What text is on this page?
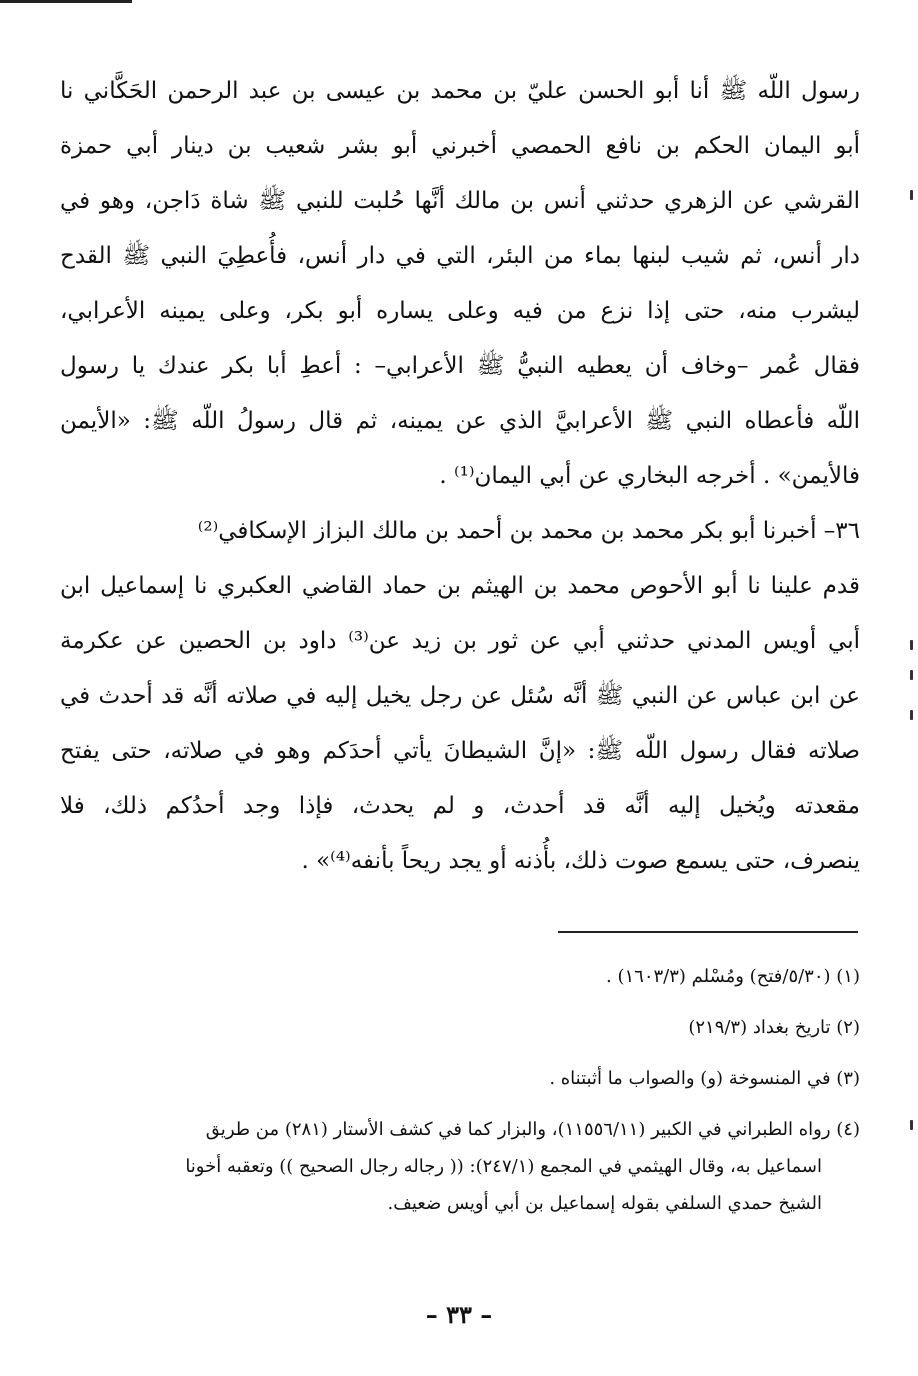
رسول اللّه ﷺ أنا أبو الحسن عليّ بن محمد بن عيسى بن عبد الرحمن الحَكَّاني نا
أبو اليمان الحكم بن نافع الحمصي أخبرني أبو بشر شعيب بن دينار أبي حمزة
القرشي عن الزهري حدثني أنس بن مالك أنَّها حُلبت للنبي ﷺ شاة دَاجن، وهو في
دار أنس، ثم شيب لبنها بماء من البئر، التي في دار أنس، فأُعطِيَ النبي ﷺ القدح
ليشرب منه، حتى إذا نزع من فيه وعلى يساره أبو بكر، وعلى يمينه الأعرابي،
فقال عُمر –وخاف أن يعطيه النبيُّ ﷺ الأعرابي– : أعطِ أبا بكر عندك يا رسول
اللّه فأعطاه النبي ﷺ الأعرابيَّ الذي عن يمينه، ثم قال رسولُ اللّه ﷺ: «الأيمن
فالأيمن» . أخرجه البخاري عن أبي اليمان⁽¹⁾ .
٣٦– أخبرنا أبو بكر محمد بن محمد بن أحمد بن مالك البزاز الإسكافي⁽²⁾
قدم علينا نا أبو الأحوص محمد بن الهيثم بن حماد القاضي العكبري نا إسماعيل ابن
أبي أويس المدني حدثني أبي عن ثور بن زيد عن⁽³⁾ داود بن الحصين عن عكرمة
عن ابن عباس عن النبي ﷺ أنَّه سُئل عن رجل يخيل إليه في صلاته أنَّه قد أحدث في
صلاته فقال رسول اللّه ﷺ: «إنَّ الشيطانَ يأتي أحدَكم وهو في صلاته، حتى يفتح
مقعدته ويُخيل إليه أنَّه قد أحدث، و لم يحدث، فإذا وجد أحدُكم ذلك، فلا
ينصرف، حتى يسمع صوت ذلك، بأُذنه أو يجد ريحاً بأنفه⁽⁴⁾» .
(١) (٥/٣٠/فتح) ومُسْلم (١٦٠٣/٣) .
(٢) تاريخ بغداد (٢١٩/٣)
(٣) في المنسوخة (و) والصواب ما أثبتناه .
(٤) رواه الطبراني في الكبير (١١٥٥٦/١١)، والبزار كما في كشف الأستار (٢٨١) من طريق
اسماعيل به، وقال الهيثمي في المجمع (٢٤٧/١): (( رجاله رجال الصحيح )) وتعقبه أخونا
الشيخ حمدي السلفي بقوله إسماعيل بن أبي أويس ضعيف.
– ٣٣ –
